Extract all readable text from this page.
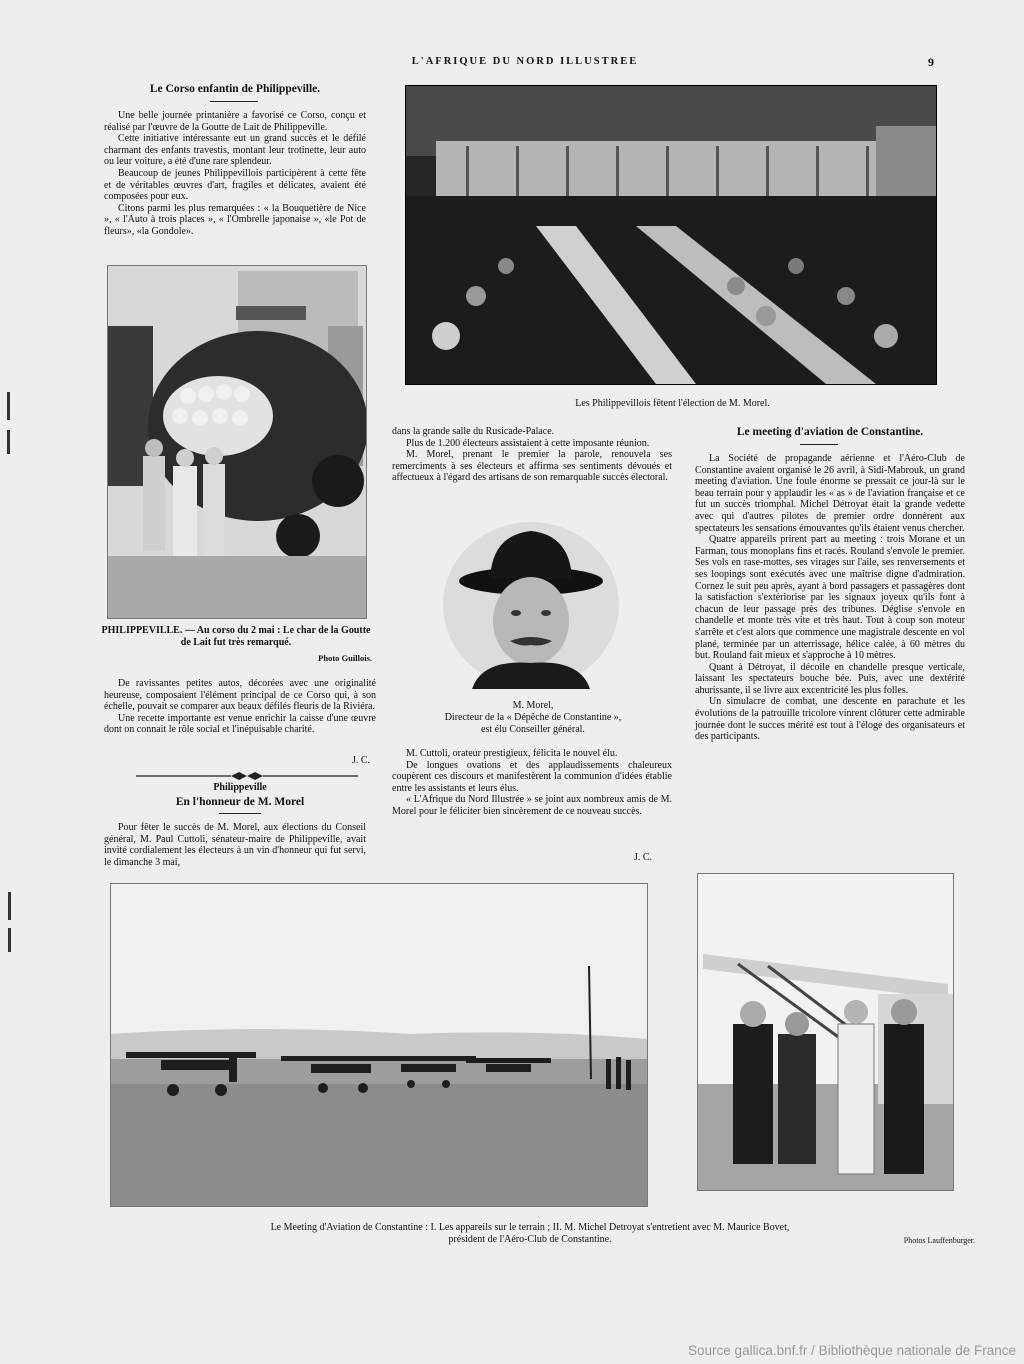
L'AFRIQUE DU NORD ILLUSTREE	9
Le Corso enfantin de Philippeville.

Une belle journée printanière a favorisé ce Corso, conçu et réalisé par l'œuvre de la Goutte de Lait de Philippeville.

Cette initiative intéressante eut un grand succès et le défilé charmant des enfants travestis, montant leur trotinette, leur auto ou leur voiture, a été d'une rare splendeur.

Beaucoup de jeunes Philippevillois participèrent à cette fête et de véritables œuvres d'art, fragiles et délicates, avaient été composées pour eux.

Citons parmi les plus remarquées : « la Bouquetière de Nice », « l'Auto à trois places », « l'Ombrelle japonaise », «le Pot de fleurs», «la Gondole».

PHILIPPEVILLE. — Au corso du 2 mai : Le char de la Goutte de Lait fut très remarqué.
Photo Guillois.

De ravissantes petites autos, décorées avec une originalité heureuse, composaient l'élément principal de ce Corso qui, à son échelle, pouvait se comparer aux beaux défilés fleuris de la Riviéra.

Une recette importante est venue enrichir la caisse d'une œuvre dont on connait le rôle social et l'inépuisable charité.

J. C.
Philippeville
En l'honneur de M. Morel

Pour fêter le succès de M. Morel, aux élections du Conseil général, M. Paul Cuttoli, sénateur-maire de Philippeville, avait invité cordialement les électeurs à un vin d'honneur qui fut servi, le dimanche 3 mai,

Les Philippevillois fêtent l'élection de M. Morel.

dans la grande salle du Rusicade-Palace.

Plus de 1.200 électeurs assistaient à cette imposante réunion.

M. Morel, prenant le premier la parole, renouvela ses remerciments à ses électeurs et affirma ses sentiments dévoués et affectueux à l'égard des artisans de son remarquable succès électoral.

M. Morel,
Directeur de la « Dépêche de Constantine »,
est élu Conseiller général.

M. Cuttoli, orateur prestigieux, félicita le nouvel élu.

De longues ovations et des applaudissements chaleureux coupèrent ces discours et manifestèrent la communion d'idées établie entre les assistants et leurs élus.

« L'Afrique du Nord Illustrée » se joint aux nombreux amis de M. Morel pour le féliciter bien sincèrement de ce nouveau succès.

J. C.
Le meeting d'aviation de Constantine.

La Société de propagande aérienne et l'Aéro-Club de Constantine avaient organisé le 26 avril, à Sidi-Mabrouk, un grand meeting d'aviation. Une foule énorme se pressait ce jour-là sur le beau terrain pour y applaudir les « as » de l'aviation française et ce fut un succès triomphal. Michel Détroyat était la grande vedette avec qui d'autres pilotes de premier ordre donnèrent aux spectateurs les sensations émouvantes qu'ils étaient venus chercher.

Quatre appareils prirent part au meeting : trois Morane et un Farman, tous monoplans fins et racés. Rouland s'envole le premier. Ses vols en rase-mottes, ses virages sur l'aile, ses renversements et ses loopings sont exécutés avec une maîtrise digne d'admiration. Cornez le suit peu après, ayant à bord passagers et passagères dont la satisfaction s'extériorise par les signaux joyeux qu'ils font à chacun de leur passage près des tribunes. Déglise s'envole en chandelle et monte très vite et très haut. Tout à coup son moteur s'arrête et c'est alors que commence une magistrale descente en vol plané, terminée par un atterrissage, hélice calée, à 60 mètres du but. Rouland fait mieux et s'approche à 10 mètres.

Quant à Détroyat, il décoile en chandelle presque verticale, laissant les spectateurs bouche bée. Puis, avec une dextérité ahurissante, il se livre aux excentricité les plus folles.

Un simulacre de combat, une descente en parachute et les évolutions de la patrouille tricolore vinrent clôturer cette admirable journée dont le succes mérité est tout à l'éloge des organisateurs et des participants.

Le Meeting d'Aviation de Constantine : I. Les appareils sur le terrain ; II. M. Michel Detroyat s'entretient avec M. Maurice Bovet,
président de l'Aéro-Club de Constantine.	Photos Lauffenburger.
Source gallica.bnf.fr / Bibliothèque nationale de France
